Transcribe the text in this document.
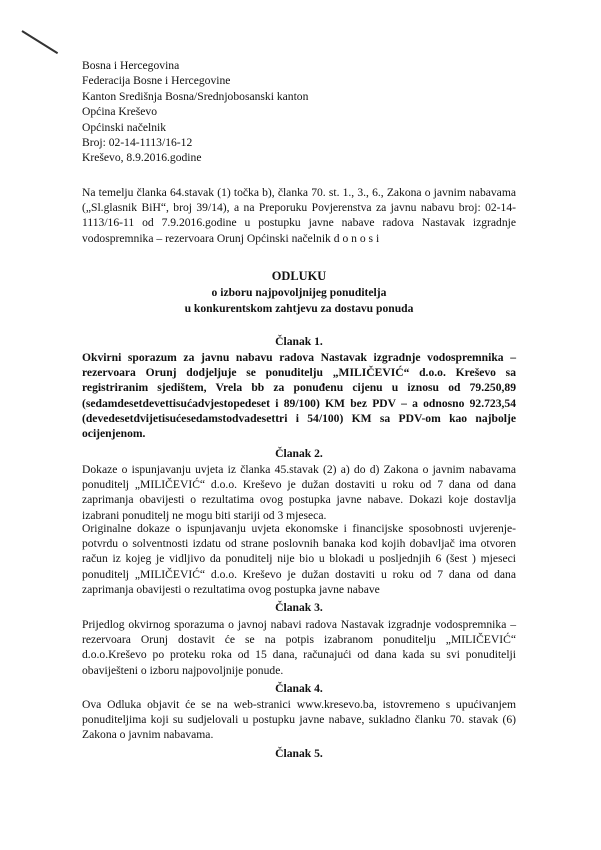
Bosna i Hercegovina
Federacija Bosne i Hercegovine
Kanton Središnja Bosna/Srednjobosanski kanton
Općina Kreševo
Općinski načelnik
Broj: 02-14-1113/16-12
Kreševo, 8.9.2016.godine
Na temelju članka 64.stavak (1) točka b), članka 70. st. 1., 3., 6., Zakona o javnim nabavama („Sl.glasnik BiH“, broj 39/14), a na Preporuku Povjerenstva za javnu nabavu broj: 02-14-1113/16-11 od 7.9.2016.godine u postupku javne nabave radova Nastavak izgradnje vodospremnika – rezervoara Orunj Općinski načelnik d o n o s i
ODLUKU
o izboru najpovoljnijeg ponuditelja
u konkurentskom zahtjevu za dostavu ponuda
Članak 1.
Okvirni sporazum za javnu nabavu radova Nastavak izgradnje vodospremnika – rezervoara Orunj dodjeljuje se ponuditelju „MILIČEVIĆ“ d.o.o. Kreševo sa registriranim sjedištem, Vrela bb za ponuđenu cijenu u iznosu od 79.250,89 (sedamdesetdevettisućadvjestopedeset i 89/100) KM bez PDV – a odnosno 92.723,54 (devedesetdvijetisućesedamstodvadesettri i 54/100) KM sa PDV-om kao najbolje ocijenjenom.
Članak 2.
Dokaze o ispunjavanju uvjeta iz članka 45.stavak (2) a) do d) Zakona o javnim nabavama ponuditelj „MILIČEVIĆ“ d.o.o. Kreševo je dužan dostaviti u roku od 7 dana od dana zaprimanja obavijesti o rezultatima ovog postupka javne nabave. Dokazi koje dostavlja izabrani ponuditelj ne mogu biti stariji od 3 mjeseca.
Originalne dokaze o ispunjavanju uvjeta ekonomske i financijske sposobnosti uvjerenje-potvrdu o solventnosti izdatu od strane poslovnih banaka kod kojih dobavljač ima otvoren račun iz kojeg je vidljivo da ponuditelj nije bio u blokadi u posljednjih 6 (šest ) mjeseci ponuditelj „MILIČEVIĆ“ d.o.o. Kreševo je dužan dostaviti u roku od 7 dana od dana zaprimanja obavijesti o rezultatima ovog postupka javne nabave
Članak 3.
Prijedlog okvirnog sporazuma o javnoj nabavi radova Nastavak izgradnje vodospremnika – rezervoara Orunj dostavit će se na potpis izabranom ponuditelju „MILIČEVIĆ“ d.o.o.Kreševo po proteku roka od 15 dana, računajući od dana kada su svi ponuditelji obaviješteni o izboru najpovoljnije ponude.
Članak 4.
Ova Odluka objavit će se na web-stranici www.kresevo.ba, istovremeno s upućivanjem ponuditeljima koji su sudjelovali u postupku javne nabave, sukladno članku 70. stavak (6) Zakona o javnim nabavama.
Članak 5.
